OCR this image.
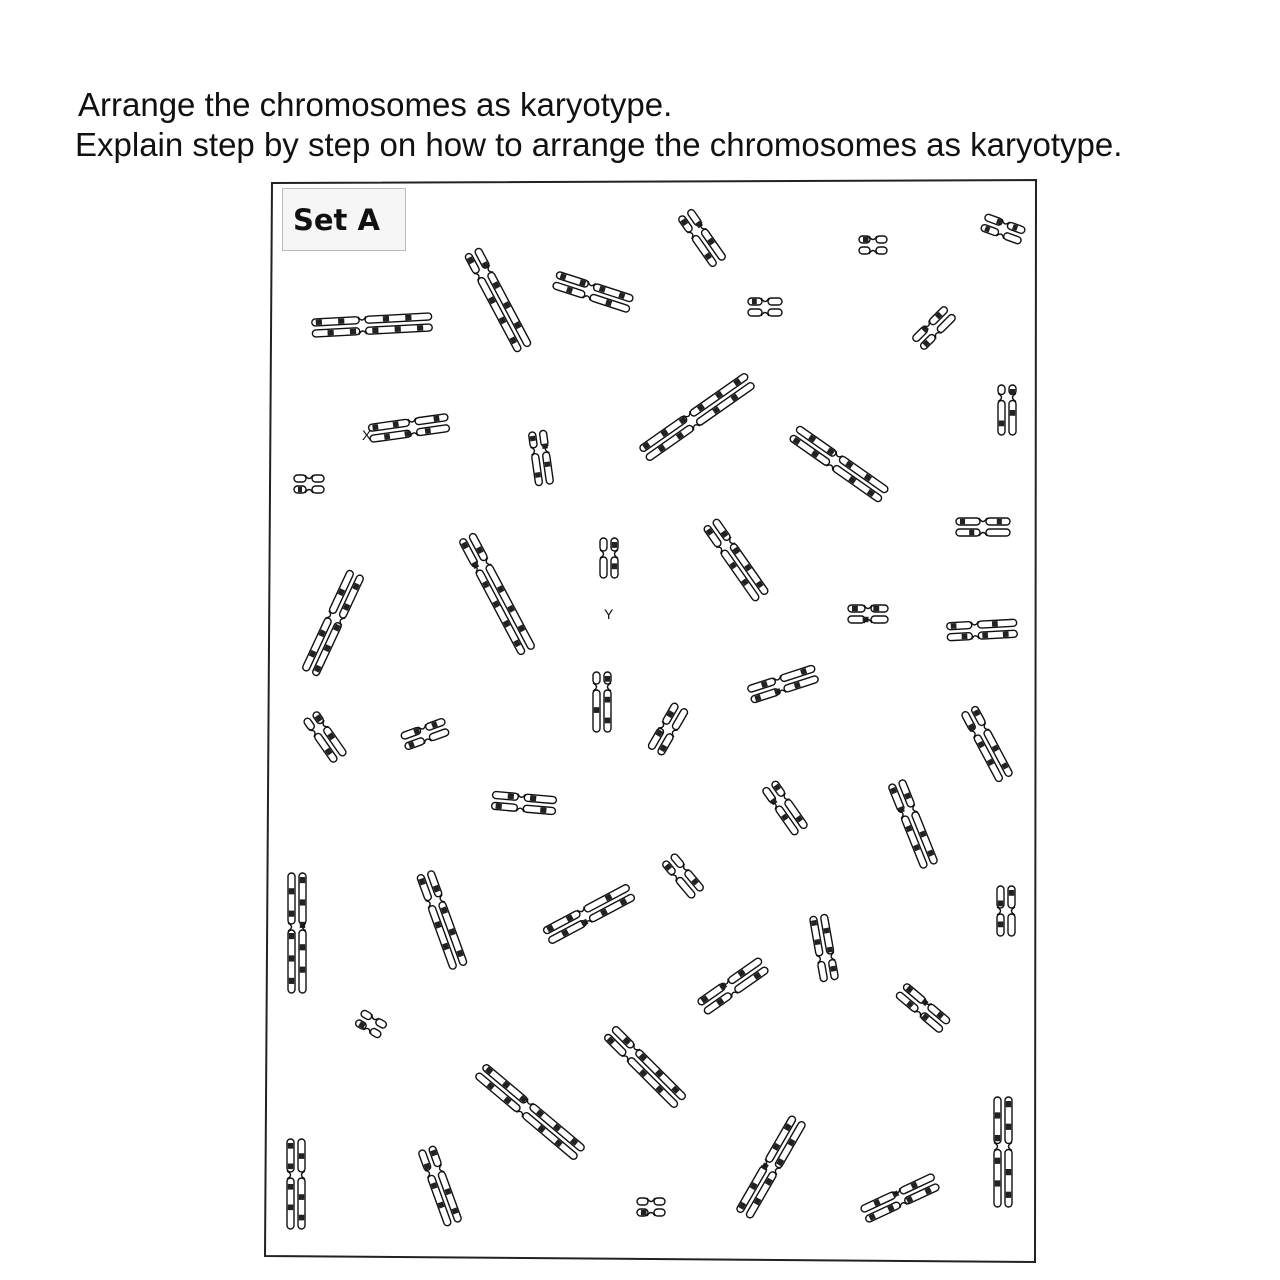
Arrange the chromosomes as karyotype.
Explain step by step on how to arrange the chromosomes as karyotype.
Set A
X
Y
